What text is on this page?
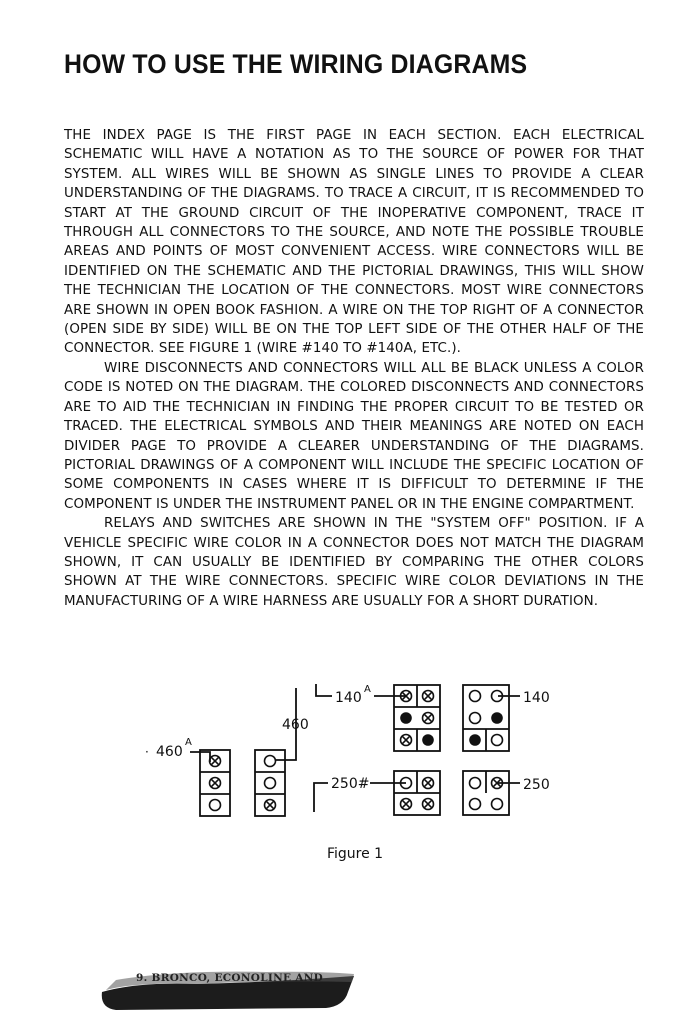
HOW TO USE THE WIRING DIAGRAMS

THE INDEX PAGE IS THE FIRST PAGE IN EACH SECTION. EACH ELECTRICAL SCHEMATIC WILL HAVE A NOTATION AS TO THE SOURCE OF POWER FOR THAT SYSTEM. ALL WIRES WILL BE SHOWN AS SINGLE LINES TO PROVIDE A CLEAR UNDERSTANDING OF THE DIAGRAMS. TO TRACE A CIRCUIT, IT IS RECOMMENDED TO START AT THE GROUND CIRCUIT OF THE INOPERATIVE COMPONENT, TRACE IT THROUGH ALL CONNECTORS TO THE SOURCE, AND NOTE THE POSSIBLE TROUBLE AREAS AND POINTS OF MOST CONVENIENT ACCESS. WIRE CONNECTORS WILL BE IDENTIFIED ON THE SCHEMATIC AND THE PICTORIAL DRAWINGS, THIS WILL SHOW THE TECHNICIAN THE LOCATION OF THE CONNECTORS. MOST WIRE CONNECTORS ARE SHOWN IN OPEN BOOK FASHION. A WIRE ON THE TOP RIGHT OF A CONNECTOR (OPEN SIDE BY SIDE) WILL BE ON THE TOP LEFT SIDE OF THE OTHER HALF OF THE CONNECTOR. SEE FIGURE 1 (WIRE #140 TO #140A, ETC.).

WIRE DISCONNECTS AND CONNECTORS WILL ALL BE BLACK UNLESS A COLOR CODE IS NOTED ON THE DIAGRAM. THE COLORED DISCONNECTS AND CONNECTORS ARE TO AID THE TECHNICIAN IN FINDING THE PROPER CIRCUIT TO BE TESTED OR TRACED. THE ELECTRICAL SYMBOLS AND THEIR MEANINGS ARE NOTED ON EACH DIVIDER PAGE TO PROVIDE A CLEARER UNDERSTANDING OF THE DIAGRAMS. PICTORIAL DRAWINGS OF A COMPONENT WILL INCLUDE THE SPECIFIC LOCATION OF SOME COMPONENTS IN CASES WHERE IT IS DIFFICULT TO DETERMINE IF THE COMPONENT IS UNDER THE INSTRUMENT PANEL OR IN THE ENGINE COMPARTMENT.

RELAYS AND SWITCHES ARE SHOWN IN THE "SYSTEM OFF" POSITION. IF A VEHICLE SPECIFIC WIRE COLOR IN A CONNECTOR DOES NOT MATCH THE DIAGRAM SHOWN, IT CAN USUALLY BE IDENTIFIED BY COMPARING THE OTHER COLORS SHOWN AT THE WIRE CONNECTORS. SPECIFIC WIRE COLOR DEVIATIONS IN THE MANUFACTURING OF A WIRE HARNESS ARE USUALLY FOR A SHORT DURATION.

· 460
A
460
140
A
140
250#	250
Figure 1
9. BRONCO, ECONOLINE AND
